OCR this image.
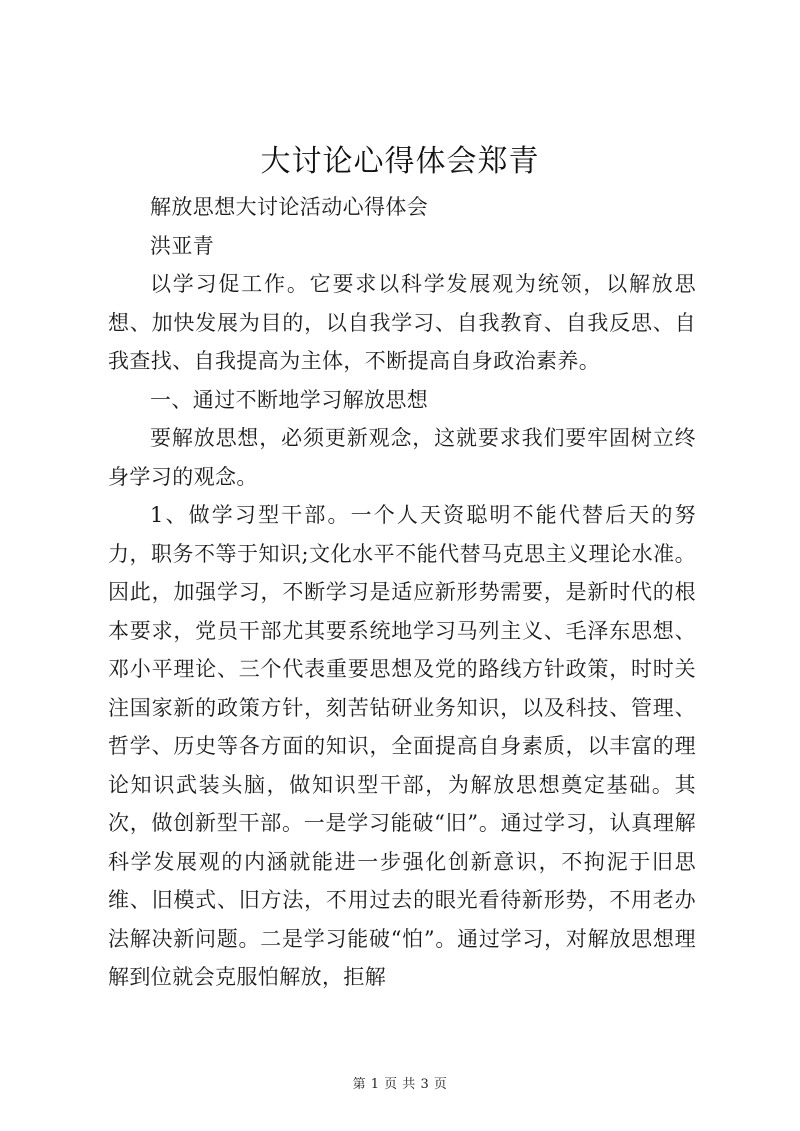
大讨论心得体会郑青

解放思想大讨论活动心得体会

洪亚青

以学习促工作。它要求以科学发展观为统领，以解放思想、加快发展为目的，以自我学习、自我教育、自我反思、自我查找、自我提高为主体，不断提高自身政治素养。

一、通过不断地学习解放思想

要解放思想，必须更新观念，这就要求我们要牢固树立终身学习的观念。

1、做学习型干部。一个人天资聪明不能代替后天的努力，职务不等于知识;文化水平不能代替马克思主义理论水准。因此，加强学习，不断学习是适应新形势需要，是新时代的根本要求，党员干部尤其要系统地学习马列主义、毛泽东思想、邓小平理论、三个代表重要思想及党的路线方针政策，时时关注国家新的政策方针，刻苦钻研业务知识，以及科技、管理、哲学、历史等各方面的知识，全面提高自身素质，以丰富的理论知识武装头脑，做知识型干部，为解放思想奠定基础。其次，做创新型干部。一是学习能破“旧”。通过学习，认真理解科学发展观的内涵就能进一步强化创新意识，不拘泥于旧思维、旧模式、旧方法，不用过去的眼光看待新形势，不用老办法解决新问题。二是学习能破“怕”。通过学习，对解放思想理解到位就会克服怕解放，拒解

第 1 页 共 3 页
